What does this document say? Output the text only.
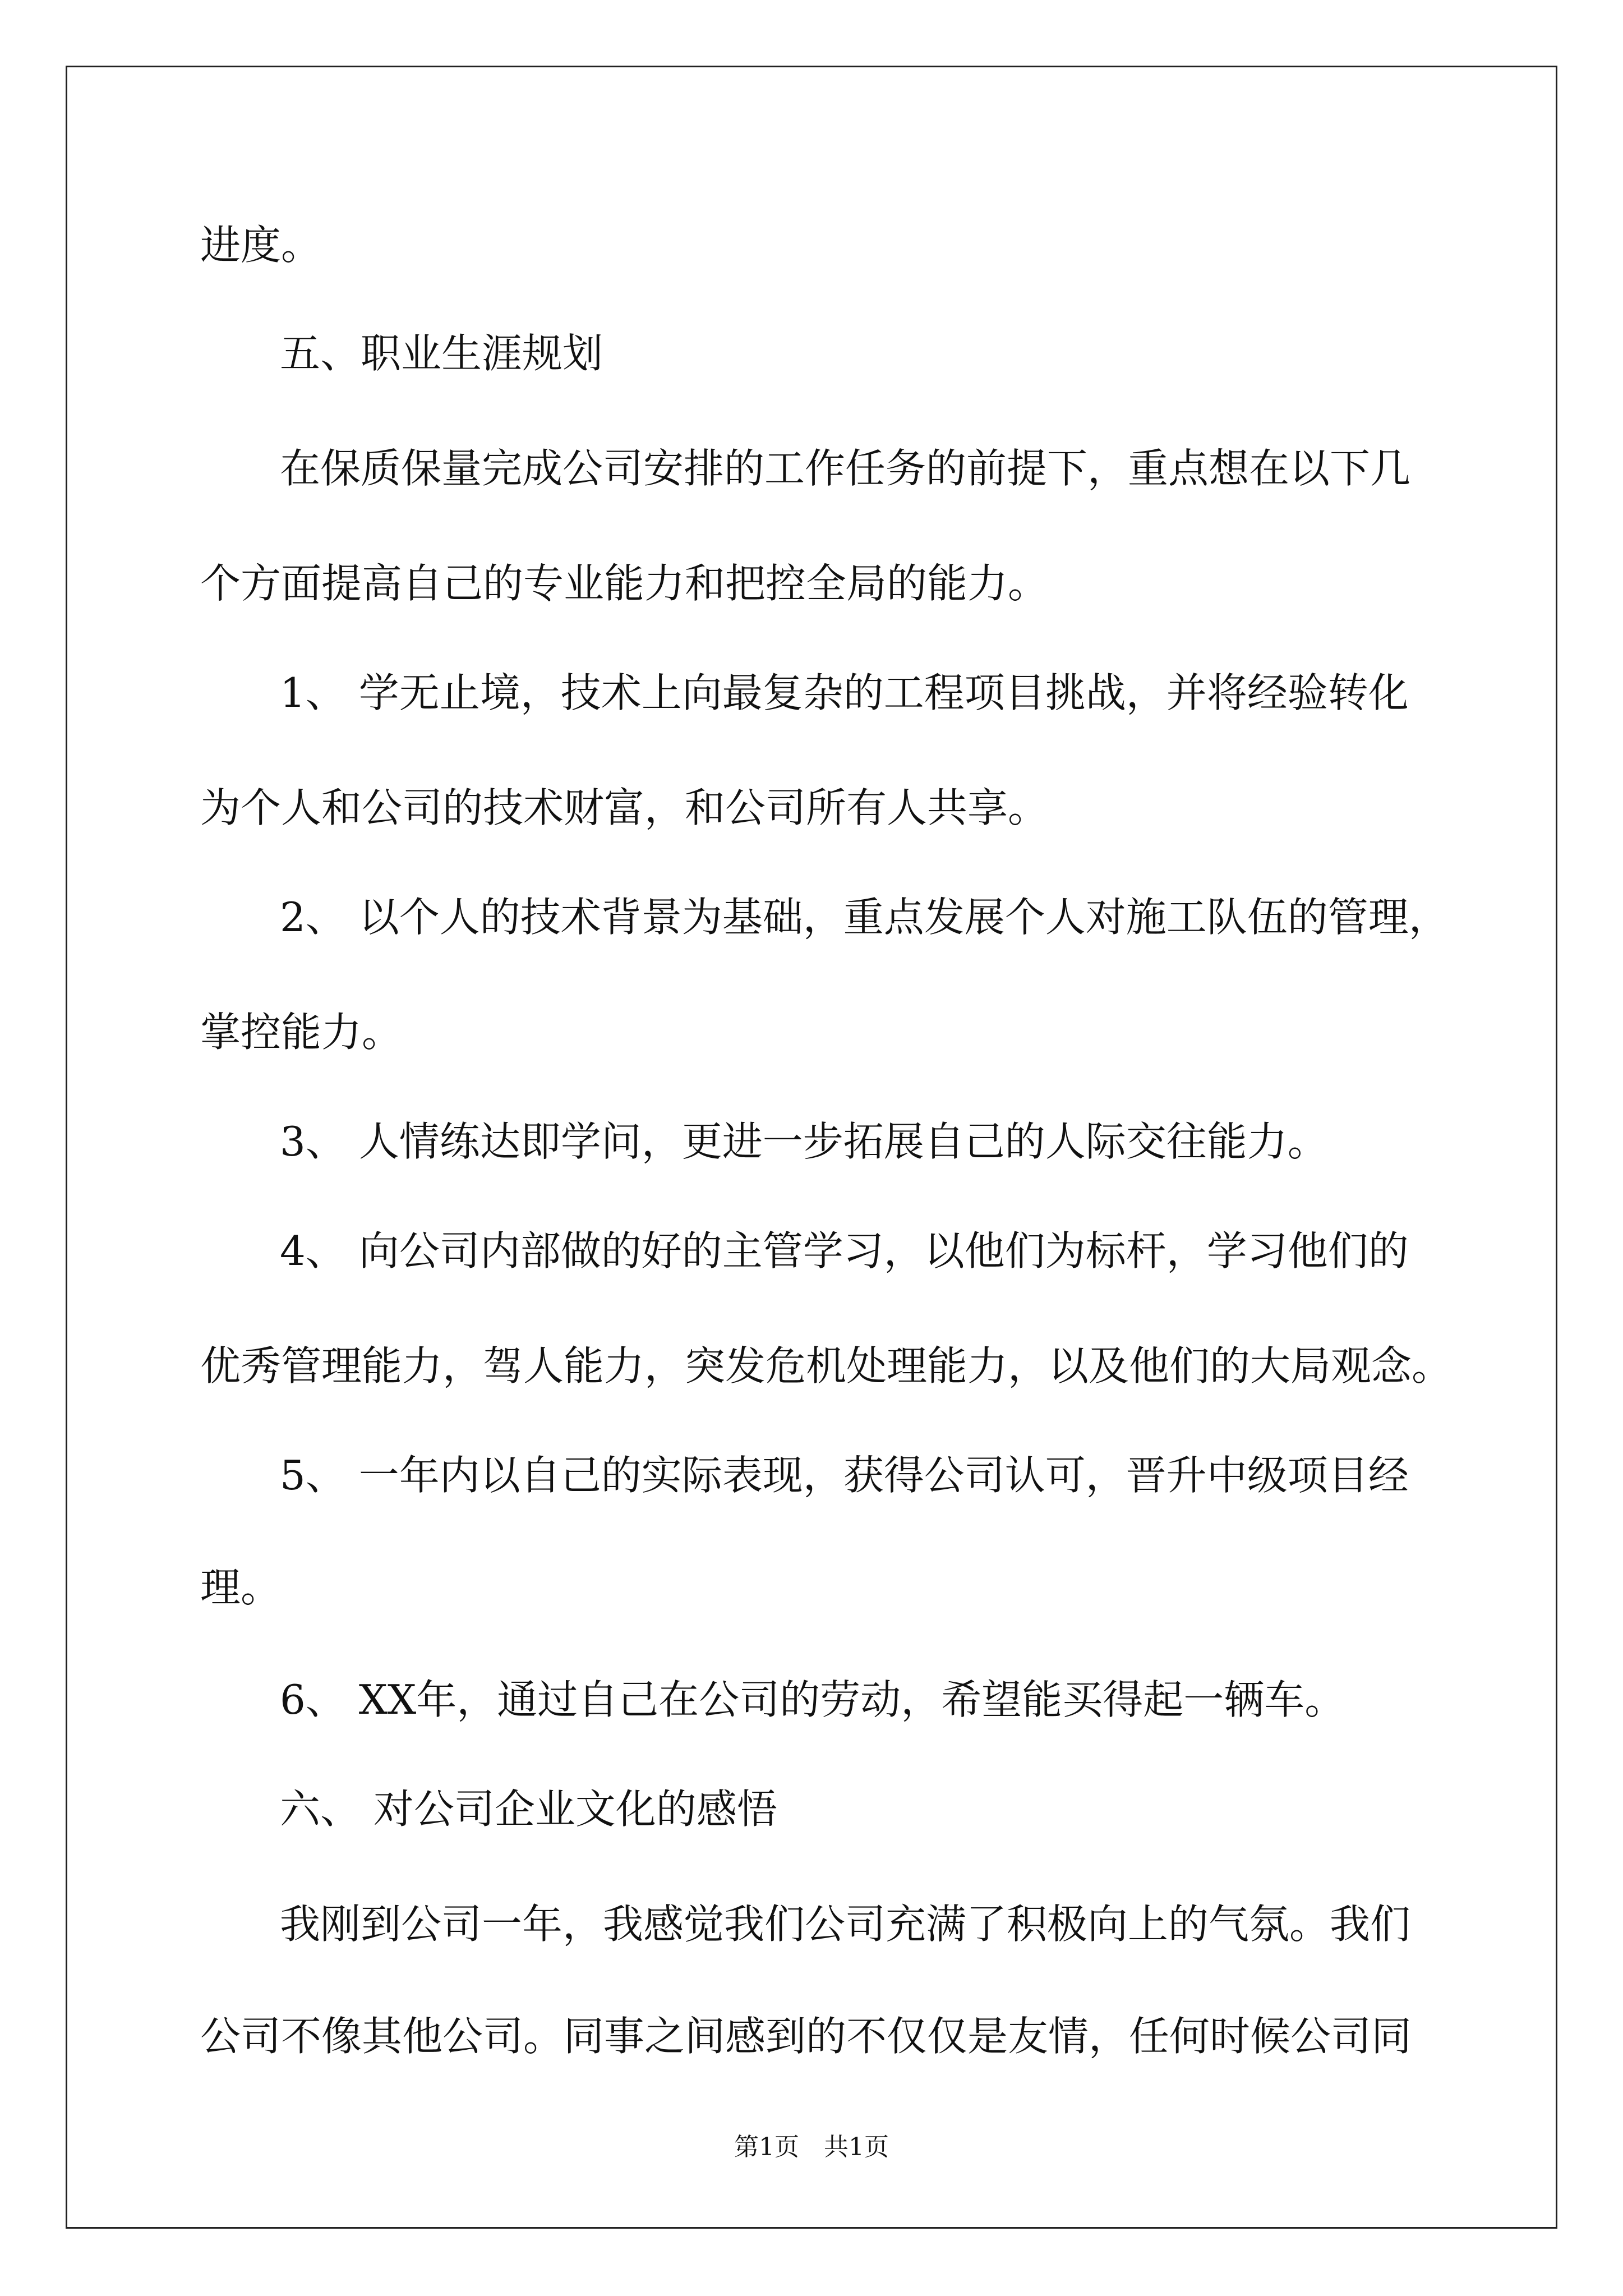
进度。
五、职业生涯规划
在保质保量完成公司安排的工作任务的前提下，重点想在以下几
个方面提高自己的专业能力和把控全局的能力。
1、 学无止境，技术上向最复杂的工程项目挑战，并将经验转化
为个人和公司的技术财富，和公司所有人共享。
2、 以个人的技术背景为基础，重点发展个人对施工队伍的管理，
掌控能力。
3、 人情练达即学问，更进一步拓展自己的人际交往能力。
4、 向公司内部做的好的主管学习，以他们为标杆，学习他们的
优秀管理能力，驾人能力，突发危机处理能力，以及他们的大局观念。
5、 一年内以自己的实际表现，获得公司认可，晋升中级项目经
理。
6、 XX年，通过自己在公司的劳动，希望能买得起一辆车。
六、 对公司企业文化的感悟
我刚到公司一年，我感觉我们公司充满了积极向上的气氛。我们
公司不像其他公司。同事之间感到的不仅仅是友情，任何时候公司同
第1页　共1页
